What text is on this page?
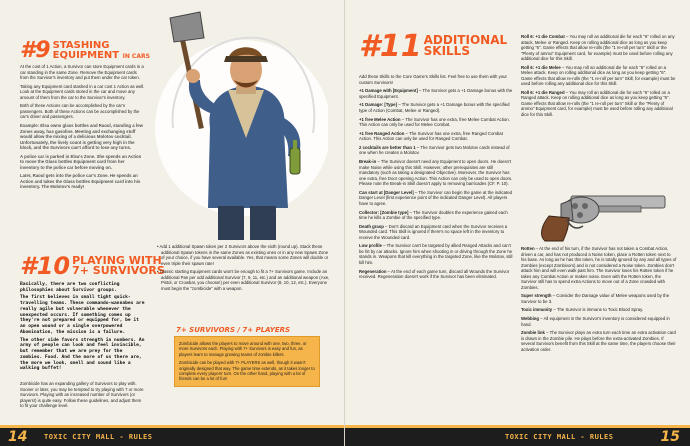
#9 STASHING
EQUIPMENT IN CARS

At the cost of 1 Action, a Survivor can store Equipment cards in a car standing in the same Zone. Remove the Equipment cards from the Survivor's inventory and put them under the car token.

Taking any Equipment card stashed in a car cost 1 Action as well. Look at the Equipment cards stored in the car and move any amount of them from the car to the Survivor's inventory.

Both of these Actions can be accomplished by the car's passengers. Both of these Actions can be accomplished by the car's driver and passengers.

Example: Elsa owns glass bottles and Raoul, standing a few Zones away, has gasoline. Meeting and exchanging stuff would allow the mixing of a delicious Molotov cocktail. Unfortunately, the lively count is getting very high in the block, and the Survivors can't afford to lose any turns.

A police car is parked in Elsa's Zone. She spends an Action to move the Glass bottles Equipment card from her inventory to the police car before moving on.

Later, Raoul gets into the police car's Zone. He spends an Action and takes the Glass bottles Equipment card into his inventory. The Molotov's ready!

#10 PLAYING WITH
7+ SURVIVORS

Basically, there are two conflicting philosophies about Survivor groups.

The first believes in small tight quick-travelling teams. These commando-wannabes are really agile but vulnerable whenever the unexpected occurs. If something comes up they're not prepared or equipped for, be it an open wound or a single overpowered Abomination, the mission is a failure.

The other side favors strength in numbers. An army of people can look and feel invincible, but remember that we are prey for the zombies. Food. And the more of us there are, the more we look, smell and sound like a walking buffet!

Zombicide has an expanding gallery of Survivors to play with. Sooner or later, you may be tempted to try playing with 7 or more Survivors. Playing with an increased number of Survivors (or players!) is quite easy. Follow these guidelines, and adjust them to fit your challenge level.

• Add 1 additional Spawn token per 2 Survivors above the sixth (round up). Stack these additional Spawn tokens in the same Zones as existing ones or in any new Spawn Zone of your choice, if you have several available. Yes, that means some Zones will double or even triple their spawn rate!

• Classic starting Equipment cards won't be enough to fit a 7+ Survivors game. Include an additional Pan per odd additional Survivor (7, 9, 11, etc.) and an additional weapon (Axe, Pistol, or Crowbar, you choose!) per even additional Survivor (8, 10, 12, etc.). Everyone must begin the "zombicide" with a weapon.

7+ SURVIVORS / 7+ PLAYERS

Zombicide allows the players to move around with one, two, three, or more Survivors each. Playing with 7+ Survivors is easy and fun, as players learn to manage growing teams of zombie killers.

Zombicide can be played with 7+ PLAYERS as well, though it wasn't originally designed that way. The game time extends, as it takes longer to complete every players' turn. On the other hand, playing with a lot of friends can be a lot of fun!

14 TOXIC CITY MALL - RULES
#11 ADDITIONAL
SKILLS

Add these Skills to the Core Game's Skills list. Feel free to use them with your custom Survivors!

+1 Damage with [Equipment] – The Survivor gets a +1 Damage bonus with the specified Equipment.

+1 Damage: [Type] – The Survivor gets a +1 Damage bonus with the specified type of Action (Combat, Melee or Ranged).

+1 free Melee Action – The Survivor has one extra, free Melee Combat Action. This Action can only be used for Melee Combat.

+1 free Ranged Action – The Survivor has one extra, free Ranged Combat Action. This Action can only be used for Ranged Combat.

2 cocktails are better than 1 – The Survivor gets two Molotov cards instead of one when he creates a Molotov.

Break-in – The Survivor doesn't need any Equipment to open doors. He doesn't make Noise while using this Skill. However, other prerequisites are still mandatory (such as taking a designated Objective). Moreover, the Survivor has one extra, free Door opening Action. This Action can only be used to open doors. Please note the Break-in Skill doesn't apply to removing barricades (CF. P. 10).

Can start at [Danger Level] – The Survivor can begin the game at the indicated Danger Level (first experience point of the indicated Danger Level). All players have to agree.

Collector: [Zombie type] – The Survivor doubles the experience gained each time he kills a Zombie of the specified type.

Death grasp – Don't discard an Equipment card when the Survivor receives a Wounded card. This Skill is ignored if there's no space left in the inventory to receive the Wounded card.

Low profile – The Survivor can't be targeted by allied Ranged Attacks and can't be hit by car attacks. Ignore him when shooting in or driving through the Zone he stands in. Weapons that kill everything in the targeted Zone, like the Molotov, still kill him.

Regeneration – At the end of each game turn, discard all Wounds the Survivor received. Regeneration doesn't work if the Survivor has been eliminated.

Roll 6: +1 die Combat – You may roll an additional die for each "6" rolled on any attack, Melee or Ranged. Keep on rolling additional dice as long as you keep getting "6". Game effects that allow re-rolls (the "1 re-roll per turn" Skill or the "Plenty of ammo" Equipment card, for example) must be used before rolling any additional dice for this Skill.

Roll 6: +1 die Melee – You may roll an additional die for each "6" rolled on a Melee attack. Keep on rolling additional dice as long as you keep getting "6". Game effects that allow re-rolls (the "1 re-roll per turn" Skill, for example) must be used before rolling any additional dice for this Skill.

Roll 6: +1 die Ranged – You may roll an additional die for each "6" rolled on a Ranged attack. Keep on rolling additional dice as long as you keep getting "6". Game effects that allow re-rolls (the "1 re-roll per turn" Skill or the "Plenty of ammo" Equipment card, for example) must be used before rolling any additional dice for this Skill.

Rotten – At the end of his turn, if the Survivor has not taken a Combat Action, driven a car, and has not produced a Noise token, place a Rotten token next to his base. As long as he has this token, he is totally ignored by any and all types of Zombies (except Zombivors) and is not considered a Noise token. Zombies don't attack him and will even walk past him. The Survivor loses his Rotten token if he takes any Combat Action or makes noise. Even with the Rotten token, the Survivor still has to spend extra Actions to move out of a Zone crowded with Zombies.

Super strength – Consider the Damage value of Melee weapons used by the Survivor to be 3.

Toxic immunity – The Survivor is immune to Toxic Blood Spray.

Webbing – All equipment in the Survivor's inventory is considered equipped in hand.

Zombie link – The Survivor plays an extra turn each time an extra activation card is drawn in the Zombie pile. He plays before the extra-activated Zombies. If several Survivors benefit from this Skill at the same time, the players choose their activation order.

TOXIC CITY MALL - RULES	15
